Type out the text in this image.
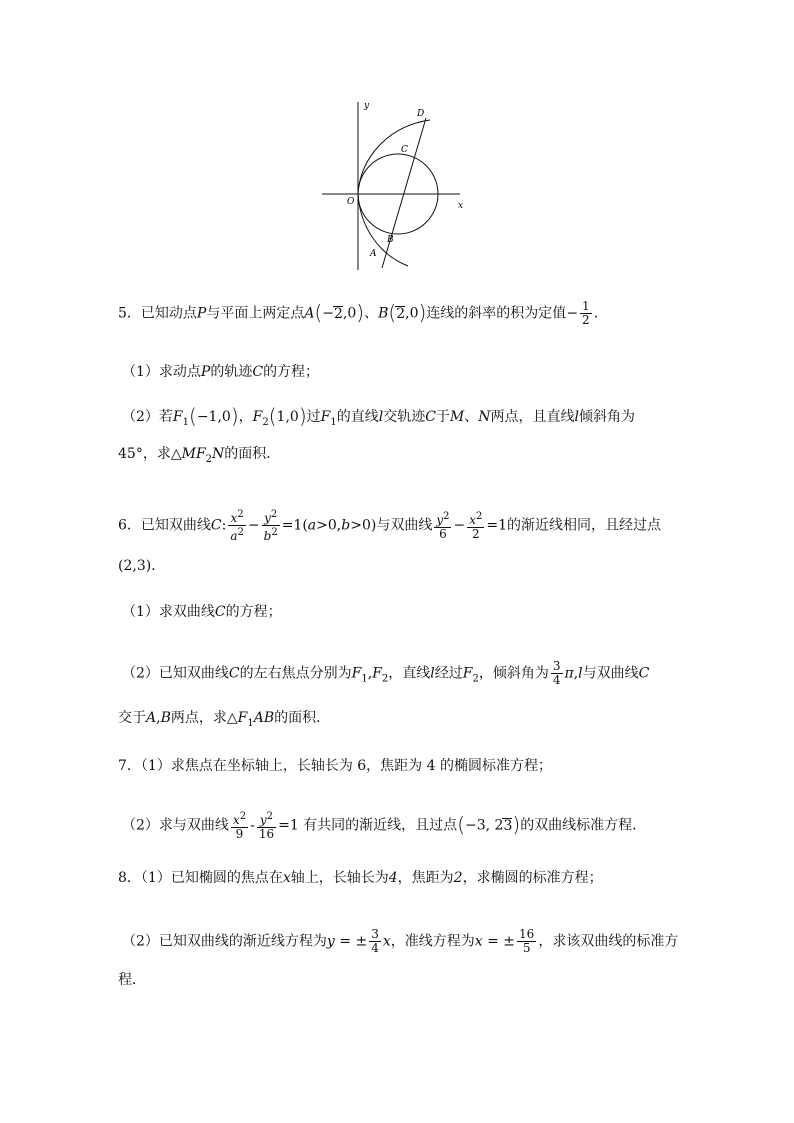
y
x
O
D
C
B
A
5．已知动点P与平面上两定点A(−2,0)、B(2,0)连线的斜率的积为定值− $\frac{1}{2}$ ．
（1）求动点P的轨迹C的方程；
（2）若$F_1(-1,0)$，$F_2(1,0)$过$F_1$的直线l交轨迹C于M、N两点，且直线l倾斜角为
45°，求$\triangle MF_2N$的面积．
6．已知双曲线C: $\frac{x^2}{a^2} - \frac{y^2}{b^2} =1(a>0,b>0)$与双曲线 $\frac{y^2}{6} - \frac{x^2}{2} =1$的渐近线相同，且经过点
(2,3)．
（1）求双曲线C的方程；
（2）已知双曲线C的左右焦点分别为$F_1,F_2$，直线l经过$F_2$，倾斜角为 $\frac{3}{4} \pi,l$与双曲线C
交于A,B两点，求$\triangle F_1AB$的面积．
7．（1）求焦点在坐标轴上，长轴长为 6，焦距为 4 的椭圆标准方程；
（2）求与双曲线 $\frac{x^2}{9} - \frac{y^2}{16} =1$ 有共同的渐近线，且过点(−3, 23)的双曲线标准方程．
8．（1）已知椭圆的焦点在x轴上，长轴长为4，焦距为2，求椭圆的标准方程；
（2）已知双曲线的渐近线方程为y = ± $\frac{3}{4}$ x，准线方程为x = ± $\frac{16}{5}$ ，求该双曲线的标准方
程．
